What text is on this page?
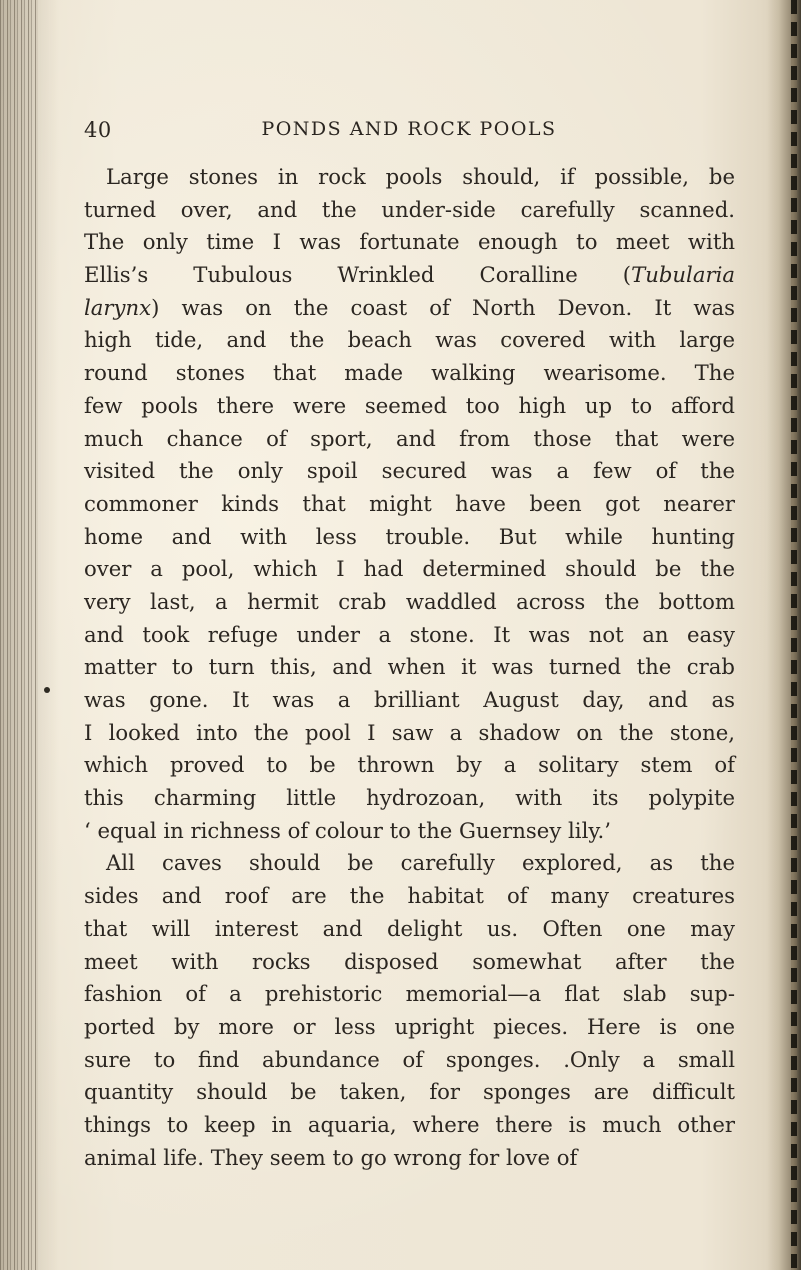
40	PONDS AND ROCK POOLS
Large stones in rock pools should, if possible, be
turned over, and the under-side carefully scanned.
The only time I was fortunate enough to meet with
Ellis’s Tubulous Wrinkled Coralline (Tubularia
larynx) was on the coast of North Devon. It was
high tide, and the beach was covered with large
round stones that made walking wearisome. The
few pools there were seemed too high up to afford
much chance of sport, and from those that were
visited the only spoil secured was a few of the
commoner kinds that might have been got nearer
home and with less trouble. But while hunting
over a pool, which I had determined should be the
very last, a hermit crab waddled across the bottom
and took refuge under a stone. It was not an easy
matter to turn this, and when it was turned the crab
was gone. It was a brilliant August day, and as
I looked into the pool I saw a shadow on the stone,
which proved to be thrown by a solitary stem of
this charming little hydrozoan, with its polypite
‘ equal in richness of colour to the Guernsey lily.’
All caves should be carefully explored, as the
sides and roof are the habitat of many creatures
that will interest and delight us. Often one may
meet with rocks disposed somewhat after the
fashion of a prehistoric memorial—a flat slab sup-
ported by more or less upright pieces. Here is one
sure to find abundance of sponges. .Only a small
quantity should be taken, for sponges are difficult
things to keep in aquaria, where there is much other
animal life. They seem to go wrong for love of
